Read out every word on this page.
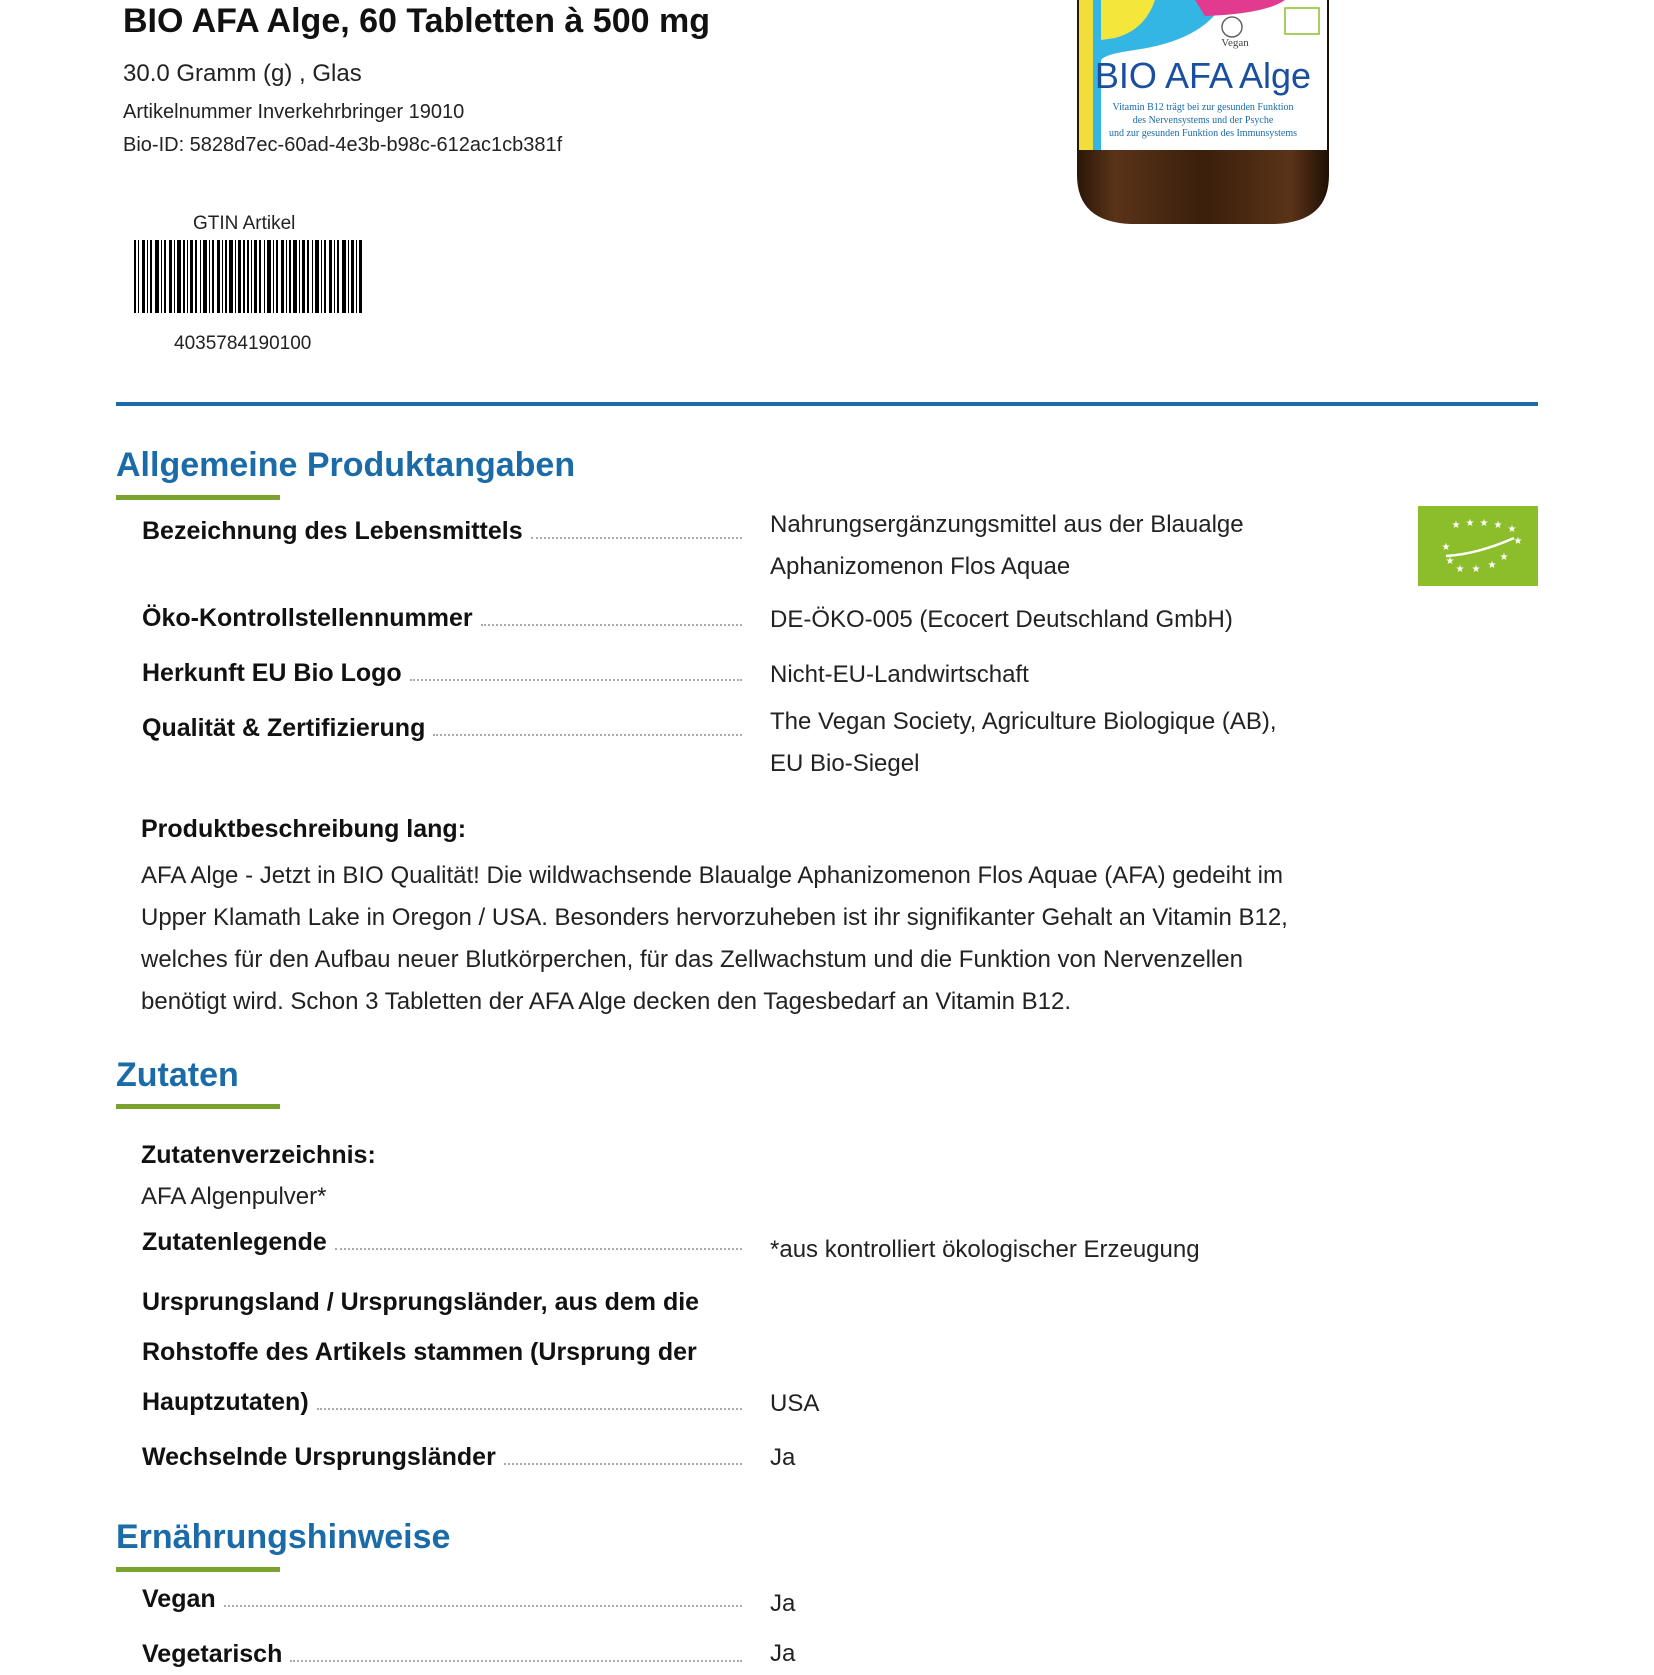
BIO AFA Alge, 60 Tabletten à 500 mg
30.0 Gramm (g) , Glas
Artikelnummer Inverkehrbringer 19010
Bio-ID: 5828d7ec-60ad-4e3b-b98c-612ac1cb381f
GTIN Artikel
4035784190100
Vegan
BIO AFA Alge
Vitamin B12 trägt bei zur gesunden Funktion
des Nervensystems und der Psyche
und zur gesunden Funktion des Immunsystems
Allgemeine Produktangaben
Bezeichnung des Lebensmittels	Nahrungsergänzungsmittel aus der Blaualge
Aphanizomenon Flos Aquae
Öko-Kontrollstellennummer	DE-ÖKO-005 (Ecocert Deutschland GmbH)
Herkunft EU Bio Logo	Nicht-EU-Landwirtschaft
Qualität & Zertifizierung	The Vegan Society, Agriculture Biologique (AB),
EU Bio-Siegel
★ ★ ★ ★ ★
★
★
★
★ ★ ★
★
Produktbeschreibung lang:
AFA Alge - Jetzt in BIO Qualität! Die wildwachsende Blaualge Aphanizomenon Flos Aquae (AFA) gedeiht im
Upper Klamath Lake in Oregon / USA. Besonders hervorzuheben ist ihr signifikanter Gehalt an Vitamin B12,
welches für den Aufbau neuer Blutkörperchen, für das Zellwachstum und die Funktion von Nervenzellen
benötigt wird. Schon 3 Tabletten der AFA Alge decken den Tagesbedarf an Vitamin B12.
Zutaten
Zutatenverzeichnis:
AFA Algenpulver*
Zutatenlegende	*aus kontrolliert ökologischer Erzeugung
Ursprungsland / Ursprungsländer, aus dem die
Rohstoffe des Artikels stammen (Ursprung der
Hauptzutaten)	USA
Wechselnde Ursprungsländer	Ja
Ernährungshinweise
Vegan	Ja
Vegetarisch	Ja
